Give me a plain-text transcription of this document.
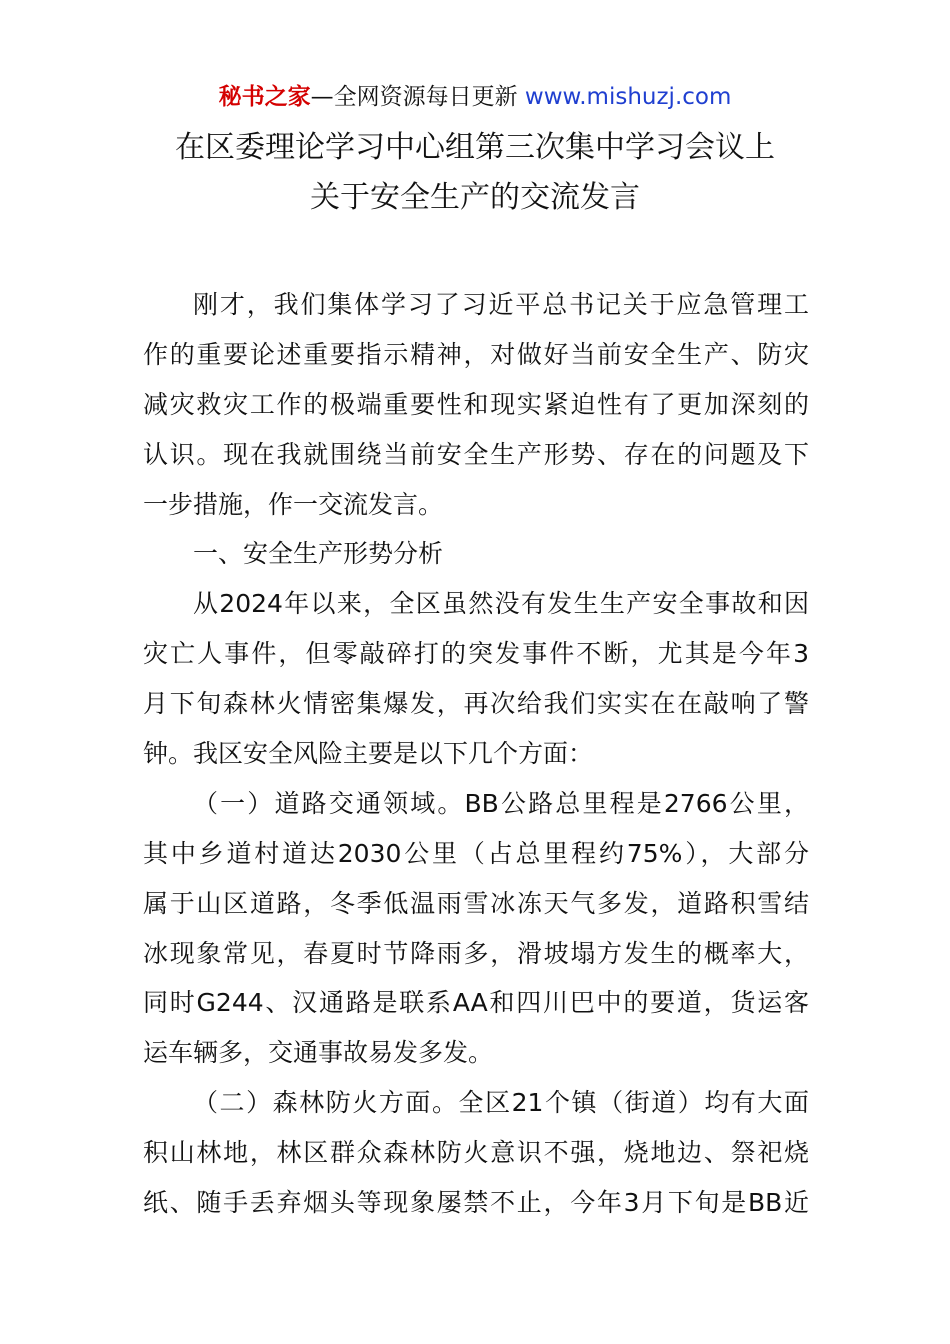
秘书之家—全网资源每日更新 www.mishuzj.com
在区委理论学习中心组第三次集中学习会议上
关于安全生产的交流发言
刚才，我们集体学习了习近平总书记关于应急管理工
作的重要论述重要指示精神，对做好当前安全生产、防灾
减灾救灾工作的极端重要性和现实紧迫性有了更加深刻的
认识。现在我就围绕当前安全生产形势、存在的问题及下
一步措施，作一交流发言。
一、安全生产形势分析
从2024年以来，全区虽然没有发生生产安全事故和因
灾亡人事件，但零敲碎打的突发事件不断，尤其是今年3
月下旬森林火情密集爆发，再次给我们实实在在敲响了警
钟。我区安全风险主要是以下几个方面：
（一）道路交通领域。BB公路总里程是2766公里，
其中乡道村道达2030公里（占总里程约75%），大部分
属于山区道路，冬季低温雨雪冰冻天气多发，道路积雪结
冰现象常见，春夏时节降雨多，滑坡塌方发生的概率大，
同时G244、汉通路是联系AA和四川巴中的要道，货运客
运车辆多，交通事故易发多发。
（二）森林防火方面。全区21个镇（街道）均有大面
积山林地，林区群众森林防火意识不强，烧地边、祭祀烧
纸、随手丢弃烟头等现象屡禁不止，今年3月下旬是BB近
